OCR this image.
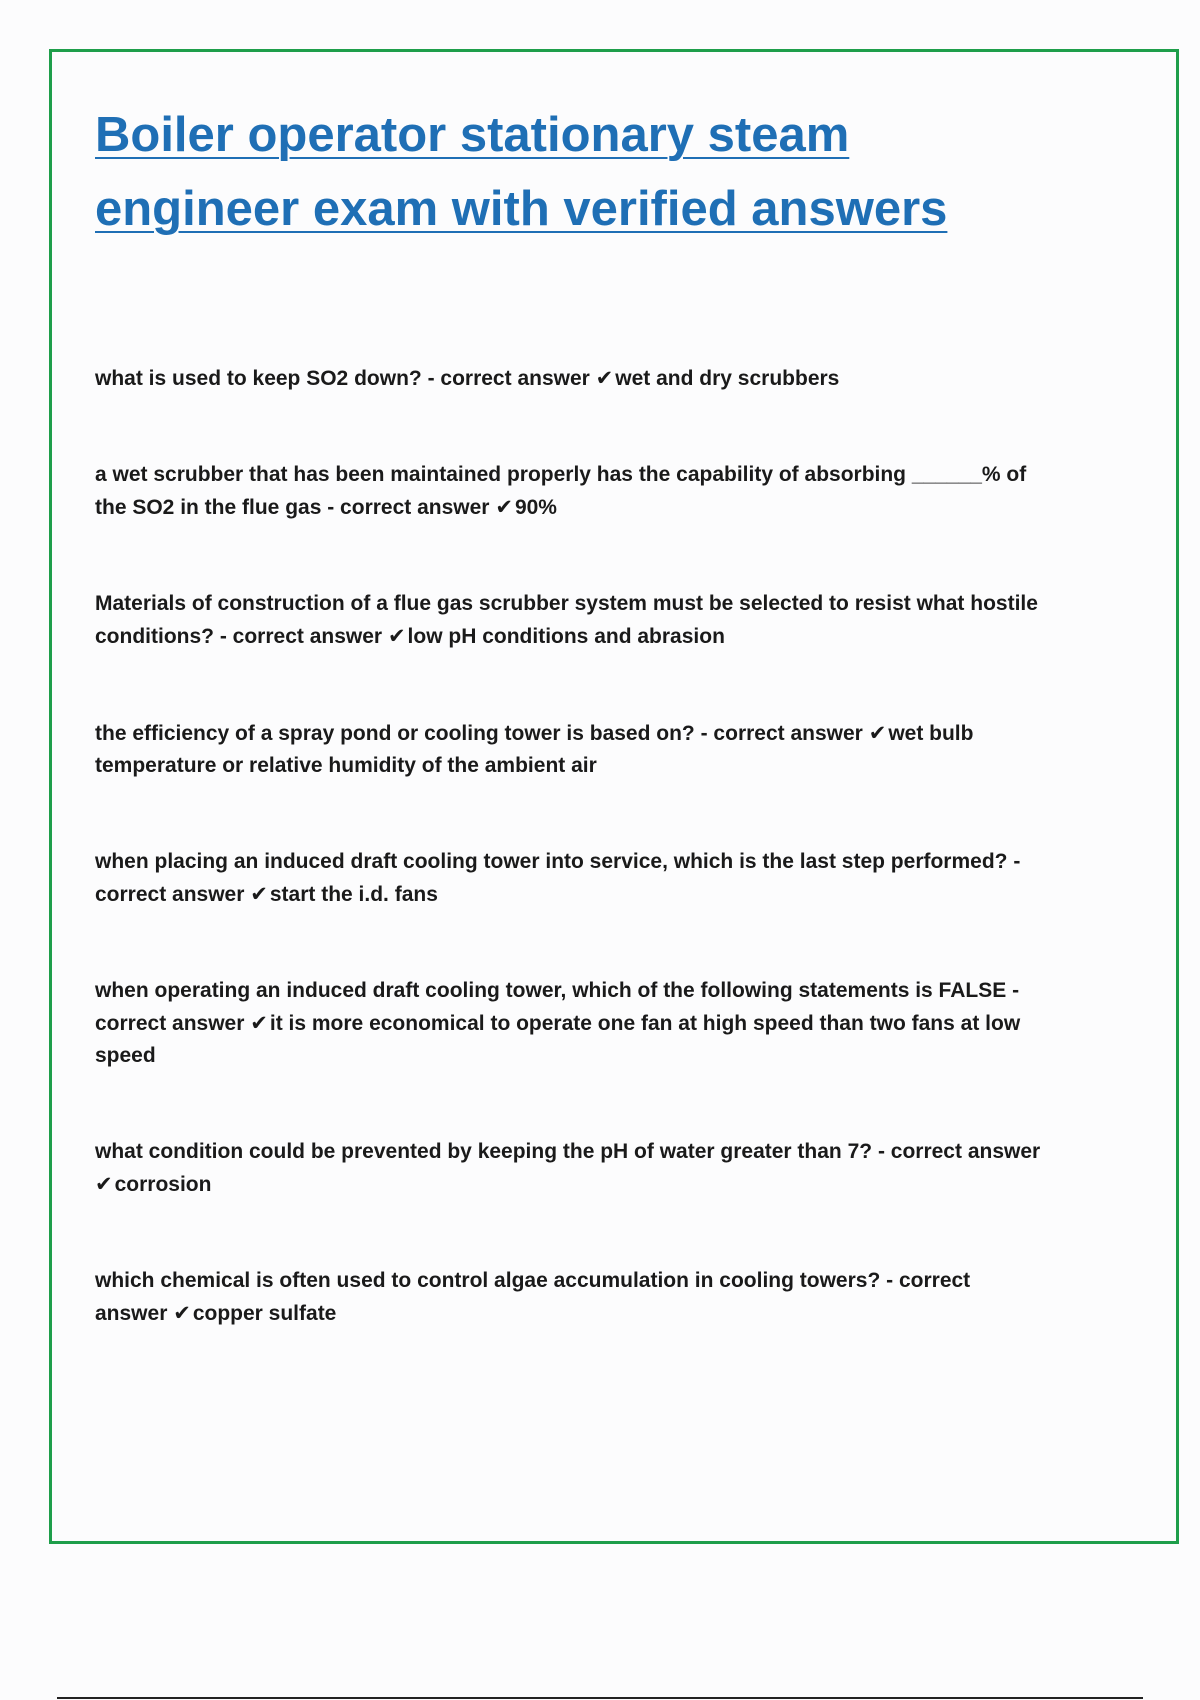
Boiler operator stationary steam engineer exam with verified answers
what is used to keep SO2 down? - correct answer ✔wet and dry scrubbers
a wet scrubber that has been maintained properly has the capability of absorbing ______% of the SO2 in the flue gas - correct answer ✔90%
Materials of construction of a flue gas scrubber system must be selected to resist what hostile conditions? - correct answer ✔low pH conditions and abrasion
the efficiency of a spray pond or cooling tower is based on? - correct answer ✔wet bulb temperature or relative humidity of the ambient air
when placing an induced draft cooling tower into service, which is the last step performed? - correct answer ✔start the i.d. fans
when operating an induced draft cooling tower, which of the following statements is FALSE - correct answer ✔it is more economical to operate one fan at high speed than two fans at low speed
what condition could be prevented by keeping the pH of water greater than 7? - correct answer ✔corrosion
which chemical is often used to control algae accumulation in cooling towers? - correct answer ✔copper sulfate
